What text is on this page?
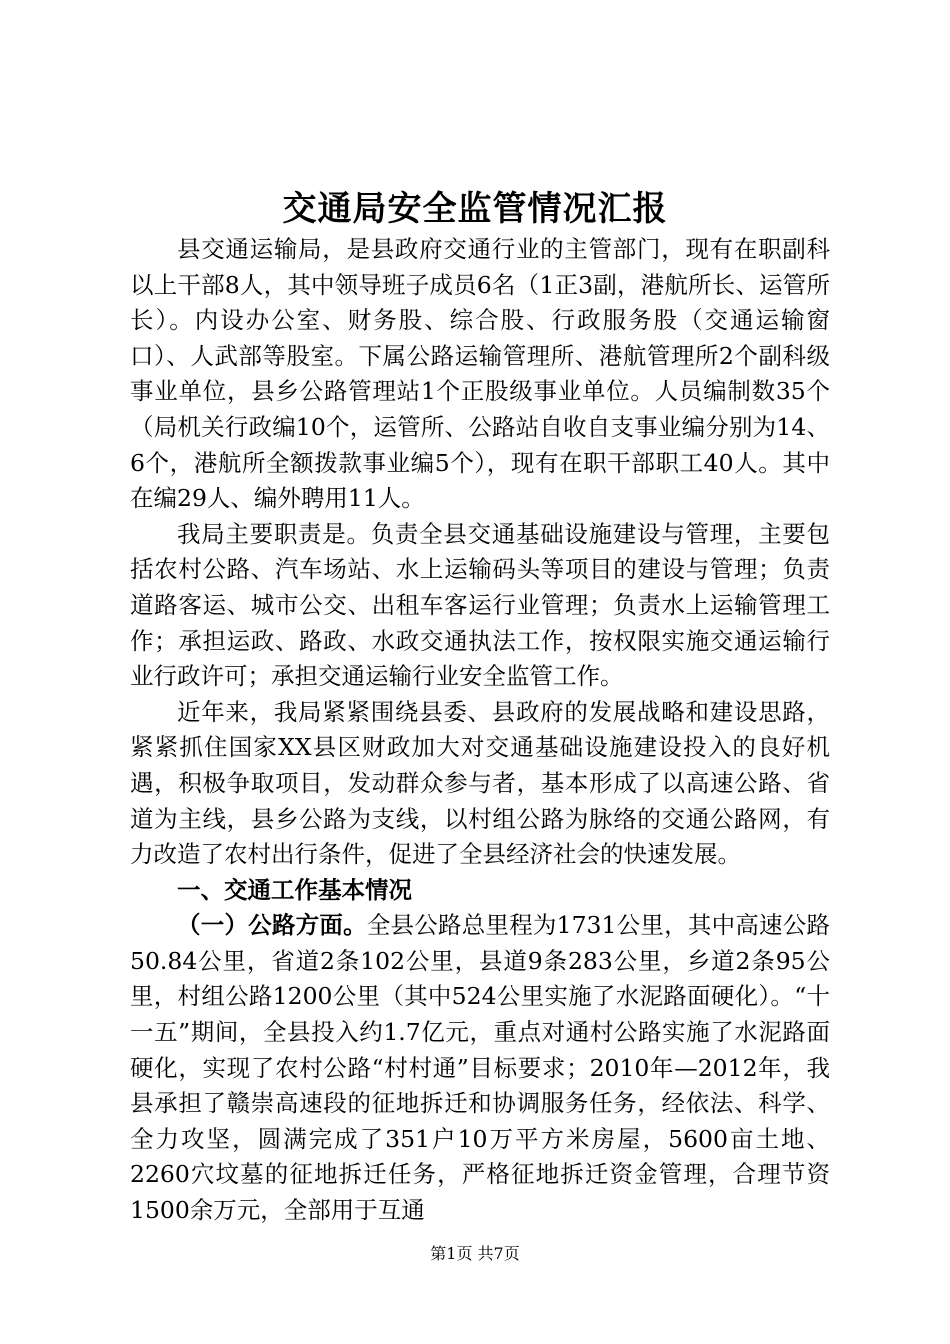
交通局安全监管情况汇报

县交通运输局，是县政府交通行业的主管部门，现有在职副科以上干部8人，其中领导班子成员6名（1正3副，港航所长、运管所长）。内设办公室、财务股、综合股、行政服务股（交通运输窗口）、人武部等股室。下属公路运输管理所、港航管理所2个副科级事业单位，县乡公路管理站1个正股级事业单位。人员编制数35个（局机关行政编10个，运管所、公路站自收自支事业编分别为14、6个，港航所全额拨款事业编5个），现有在职干部职工40人。其中在编29人、编外聘用11人。

我局主要职责是。负责全县交通基础设施建设与管理，主要包括农村公路、汽车场站、水上运输码头等项目的建设与管理；负责道路客运、城市公交、出租车客运行业管理；负责水上运输管理工作；承担运政、路政、水政交通执法工作，按权限实施交通运输行业行政许可；承担交通运输行业安全监管工作。

近年来，我局紧紧围绕县委、县政府的发展战略和建设思路，紧紧抓住国家XX县区财政加大对交通基础设施建设投入的良好机遇，积极争取项目，发动群众参与者，基本形成了以高速公路、省道为主线，县乡公路为支线，以村组公路为脉络的交通公路网，有力改造了农村出行条件，促进了全县经济社会的快速发展。

一、交通工作基本情况

（一）公路方面。全县公路总里程为1731公里，其中高速公路50.84公里，省道2条102公里，县道9条283公里，乡道2条95公里，村组公路1200公里（其中524公里实施了水泥路面硬化）。“十一五”期间，全县投入约1.7亿元，重点对通村公路实施了水泥路面硬化，实现了农村公路“村村通”目标要求；2010年—2012年，我县承担了赣崇高速段的征地拆迁和协调服务任务，经依法、科学、全力攻坚，圆满完成了351户10万平方米房屋，5600亩土地、2260穴坟墓的征地拆迁任务，严格征地拆迁资金管理，合理节资1500余万元，全部用于互通

第1页 共7页
